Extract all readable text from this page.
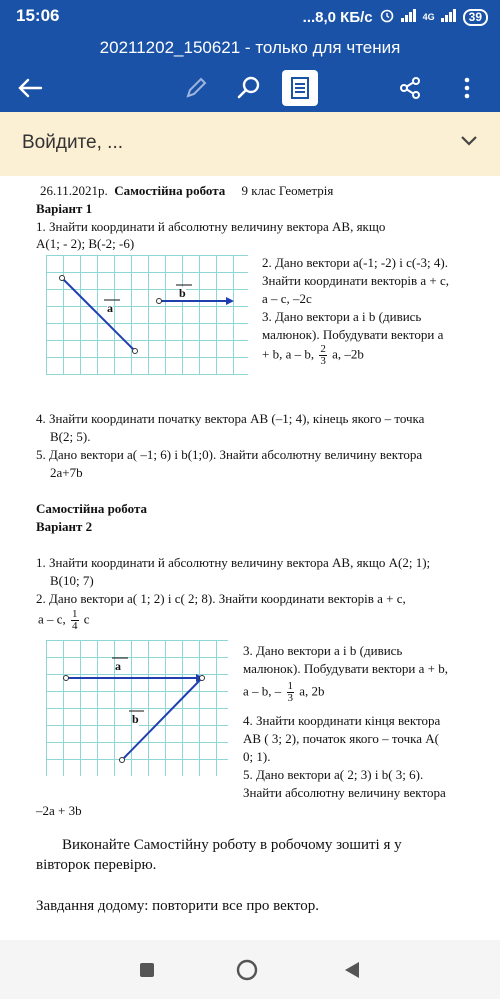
15:06	...8,0 КБ/с	4G	39
20211202_150621 - только для чтения
Войдите, ...
26.11.2021р. Самостійна робота 9 клас Геометрія
Варіант 1
1. Знайти координати й абсолютну величину вектора АВ, якщо
А(1; - 2); В(-2; -6)
a
b
2. Дано вектори а(-1; -2) і с(-3; 4).
Знайти координати векторів а + с,
а – с, –2с
3. Дано вектори а і b (дивись
малюнок). Побудувати вектори а
+ b, а – b, $\frac{2}{3} а$, –2b
4. Знайти координати початку вектора АВ (–1; 4), кінець якого – точка
В(2; 5).
5. Дано вектори а( –1; 6) і b(1;0). Знайти абсолютну величину вектора
2а+7b
Самостійна робота
Варіант 2
1. Знайти координати й абсолютну величину вектора АВ, якщо А(2; 1);
В(10; 7)
2. Дано вектори а( 1; 2) і с( 2; 8). Знайти координати векторів а + с,
а – с, $\frac{1}{4}$ с
a
b
3. Дано вектори а і b (дивись
малюнок). Побудувати вектори а + b,
а – b, – $\frac{1}{3} а$, 2b
4. Знайти координати кінця вектора
АВ ( 3; 2), початок якого – точка А(
0; 1).
5. Дано вектори а( 2; 3) і b( 3; 6).
Знайти абсолютну величину вектора
–2а + 3b
Виконайте Самостійну роботу в робочому зошиті я у
вівторок перевірю.
Завдання додому: повторити все про вектор.
